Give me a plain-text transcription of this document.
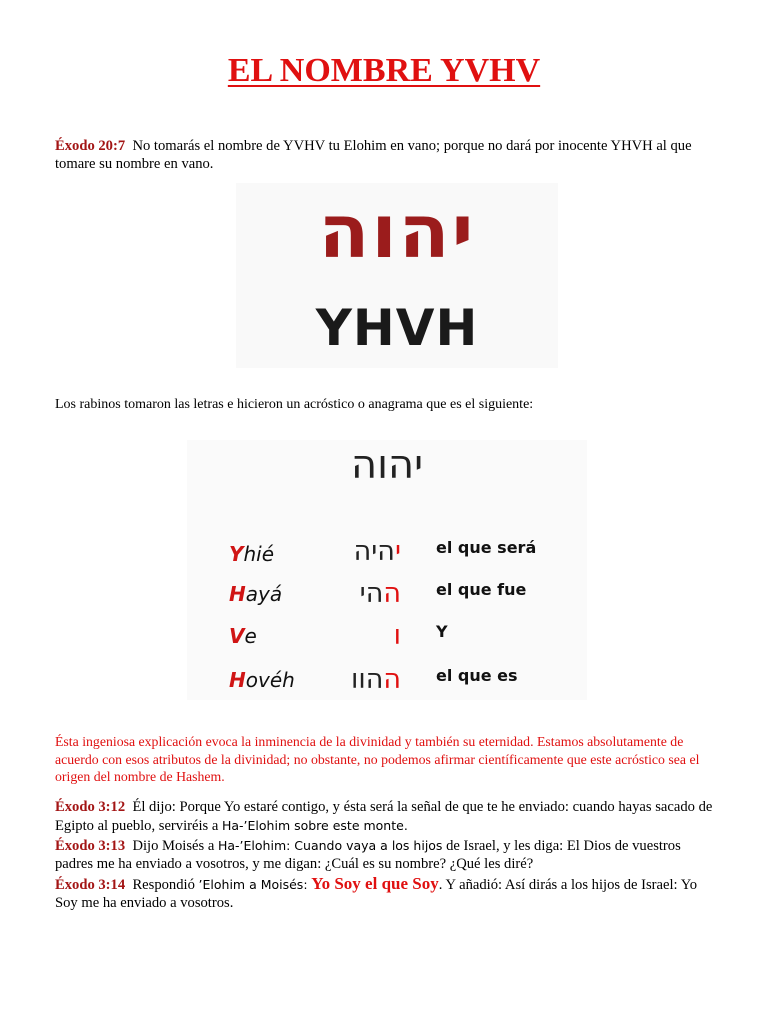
EL NOMBRE YVHV

Éxodo 20:7 No tomarás el nombre de YVHV tu Elohim en vano; porque no dará por inocente YHVH al que tomare su nombre en vano.

יהוה
YHVH
Los rabinos tomaron las letras e hicieron un acróstico o anagrama que es el siguiente:
יהוה
Yhié	יהיה	el que será
Hayá	ההי	el que fue
Ve	ו Y
Hovéh	ההוו	el que es

Ésta ingeniosa explicación evoca la inminencia de la divinidad y también su eternidad. Estamos absolutamente de acuerdo con esos atributos de la divinidad; no obstante, no podemos afirmar científicamente que este acróstico sea el origen del nombre de Hashem.

Éxodo 3:12 Él dijo: Porque Yo estaré contigo, y ésta será la señal de que te he enviado: cuando hayas sacado de Egipto al pueblo, serviréis a Ha-’Elohim sobre este monte.

Éxodo 3:13 Dijo Moisés a Ha-’Elohim: Cuando vaya a los hijos de Israel, y les diga: El Dios de vuestros padres me ha enviado a vosotros, y me digan: ¿Cuál es su nombre? ¿Qué les diré?

Éxodo 3:14 Respondió ’Elohim a Moisés: Yo Soy el que Soy. Y añadió: Así dirás a los hijos de Israel: Yo Soy me ha enviado a vosotros.
